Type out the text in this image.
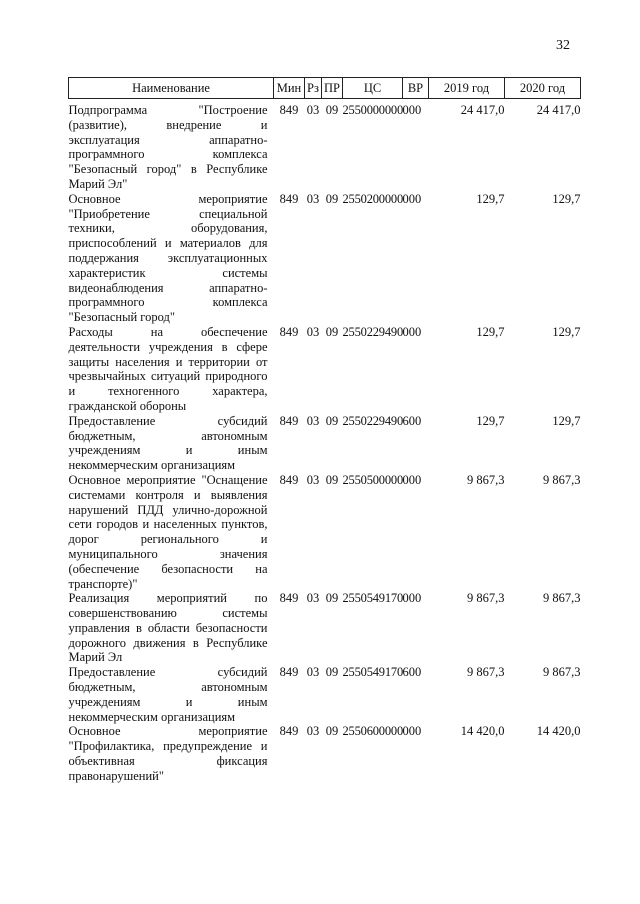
32
Наименование	Мин	Рз	ПР	ЦС	ВР	2019 год	2020 год
Подпрограмма "Построение (развитие), внедрение и эксплуатация аппаратно-программного комплекса "Безопасный город" в Республике Марий Эл"	849	03	09	2550000000	000	24 417,0	24 417,0
Основное мероприятие "Приобретение специальной техники, оборудования, приспособлений и материалов для поддержания эксплуатационных характеристик системы видеонаблюдения аппаратно-программного комплекса "Безопасный город"	849	03	09	2550200000	000	129,7	129,7
Расходы на обеспечение деятельности учреждения в сфере защиты населения и территории от чрезвычайных ситуаций природного и техногенного характера, гражданской обороны	849	03	09	2550229490	000	129,7	129,7
Предоставление субсидий бюджетным, автономным учреждениям и иным некоммерческим организациям	849	03	09	2550229490	600	129,7	129,7
Основное мероприятие "Оснащение системами контроля и выявления нарушений ПДД улично-дорожной сети городов и населенных пунктов, дорог регионального и муниципального значения (обеспечение безопасности на транспорте)"	849	03	09	2550500000	000	9 867,3	9 867,3
Реализация мероприятий по совершенствованию системы управления в области безопасности дорожного движения в Республике Марий Эл	849	03	09	2550549170	000	9 867,3	9 867,3
Предоставление субсидий бюджетным, автономным учреждениям и иным некоммерческим организациям	849	03	09	2550549170	600	9 867,3	9 867,3
Основное мероприятие "Профилактика, предупреждение и объективная фиксация правонарушений"	849	03	09	2550600000	000	14 420,0	14 420,0
